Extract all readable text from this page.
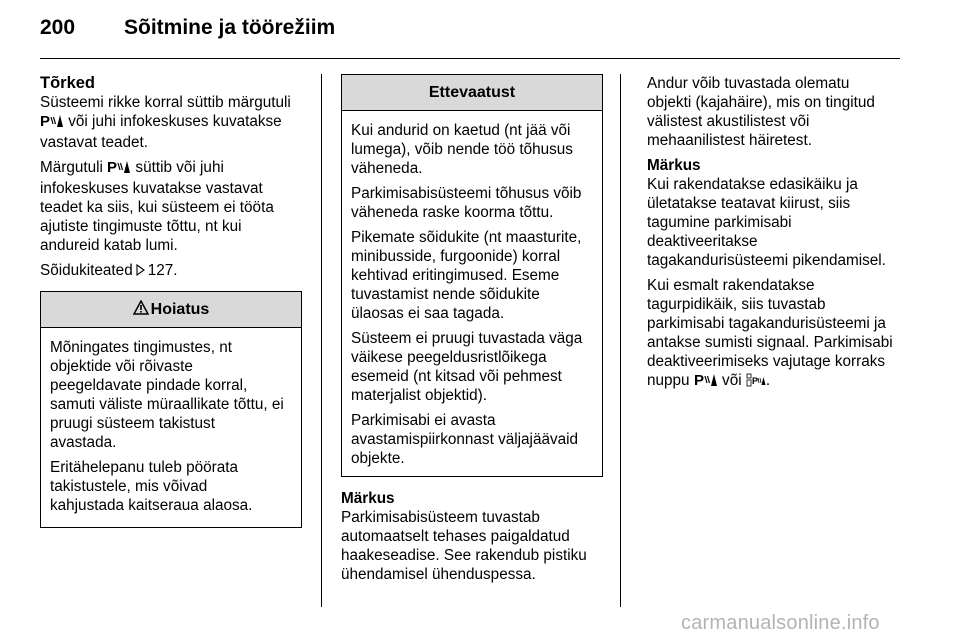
200 Sõitmine ja töörežiim
Tõrked

Süsteemi rikke korral süttib märgutuli
P või juhi infokeskuses kuvatakse
vastavat teadet.

Märgutuli P süttib või juhi
infokeskuses kuvatakse vastavat
teadet ka siis, kui süsteem ei tööta
ajutiste tingimuste tõttu, nt kui
andureid katab lumi.

Sõidukiteated 127.

Hoiatus

Mõningates tingimustes, nt
objektide või rõivaste
peegeldavate pindade korral,
samuti väliste müraallikate tõttu, ei
pruugi süsteem takistust
avastada.

Eritähelepanu tuleb pöörata
takistustele, mis võivad
kahjustada kaitseraua alaosa.

Ettevaatust

Kui andurid on kaetud (nt jää või
lumega), võib nende töö tõhusus
väheneda.

Parkimisabisüsteemi tõhusus võib
väheneda raske koorma tõttu.

Pikemate sõidukite (nt maasturite,
minibusside, furgoonide) korral
kehtivad eritingimused. Eseme
tuvastamist nende sõidukite
ülaosas ei saa tagada.

Süsteem ei pruugi tuvastada väga
väikese peegeldusristlõikega
esemeid (nt kitsad või pehmest
materjalist objektid).

Parkimisabi ei avasta
avastamispiirkonnast väljajäävaid
objekte.

Märkus

Parkimisabisüsteem tuvastab
automaatselt tehases paigaldatud
haakeseadise. See rakendub pistiku
ühendamisel ühenduspessa.

Andur võib tuvastada olematu
objekti (kajahäire), mis on tingitud
välistest akustilistest või
mehaanilistest häiretest.

Märkus

Kui rakendatakse edasikäiku ja
ületatakse teatavat kiirust, siis
tagumine parkimisabi
deaktiveeritakse
tagakandurisüsteemi pikendamisel.

Kui esmalt rakendatakse
tagurpidikäik, siis tuvastab
parkimisabi tagakandurisüsteemi ja
antakse sumisti signaal. Parkimisabi
deaktiveerimiseks vajutage korraks
nuppu P või P .

carmanualsonline.info
